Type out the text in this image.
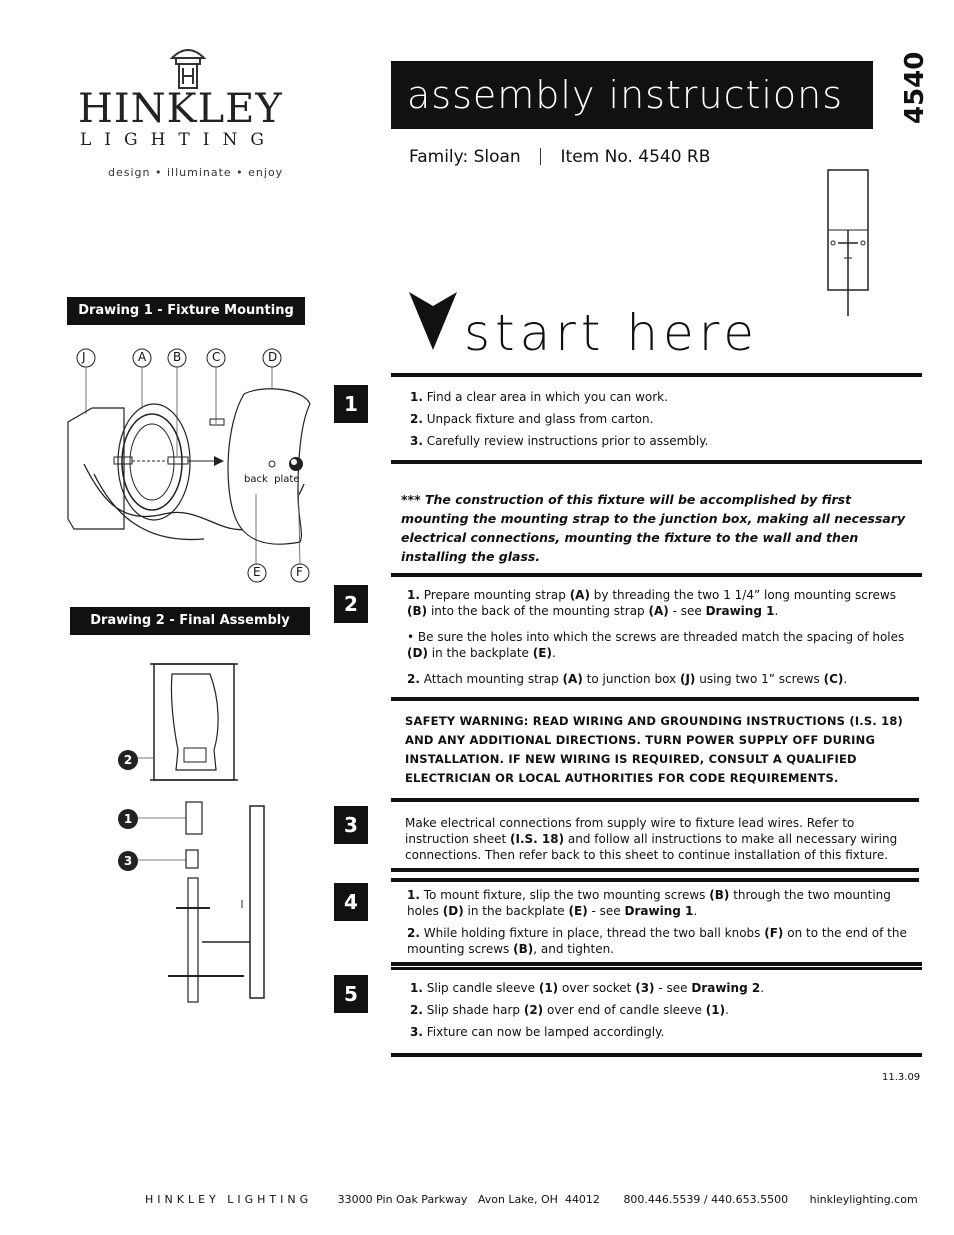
HINKLEY
LIGHTING
design • illuminate • enjoy
assembly instructions	4540
Family: Sloan Item No. 4540 RB
Drawing 1 - Fixture Mounting
J	A B	C	D
back  plate
E	F
Drawing 2 - Final Assembly
2
1
3
start here
1	1. Find a clear area in which you can work.
2. Unpack fixture and glass from carton.
3. Carefully review instructions prior to assembly.
*** The construction of this fixture will be accomplished by first mounting the mounting strap to the junction box, making all necessary electrical connections, mounting the fixture to the wall and then installing the glass.
2	1. Prepare mounting strap (A) by threading the two 1 1/4” long mounting screws (B) into the back of the mounting strap (A) - see Drawing 1.
• Be sure the holes into which the screws are threaded match the spacing of holes (D) in the backplate (E).
2. Attach mounting strap (A) to junction box (J) using two 1” screws (C).
SAFETY WARNING: READ WIRING AND GROUNDING INSTRUCTIONS (I.S. 18) AND ANY ADDITIONAL DIRECTIONS. TURN POWER SUPPLY OFF DURING INSTALLATION. IF NEW WIRING IS REQUIRED, CONSULT A QUALIFIED ELECTRICIAN OR LOCAL AUTHORITIES FOR CODE REQUIREMENTS.
3	Make electrical connections from supply wire to fixture lead wires. Refer to instruction sheet (I.S. 18) and follow all instructions to make all necessary wiring connections. Then refer back to this sheet to continue installation of this fixture.
4	1. To mount fixture, slip the two mounting screws (B) through the two mounting holes (D) in the backplate (E) - see Drawing 1.
2. While holding fixture in place, thread the two ball knobs (F) on to the end of the mounting screws (B), and tighten.
5	1. Slip candle sleeve (1) over socket (3) - see Drawing 2.
2. Slip shade harp (2) over end of candle sleeve (1).
3. Fixture can now be lamped accordingly.
11.3.09
HINKLEY LIGHTING 33000 Pin Oak Parkway   Avon Lake, OH  44012 800.446.5539 / 440.653.5500 hinkleylighting.com
